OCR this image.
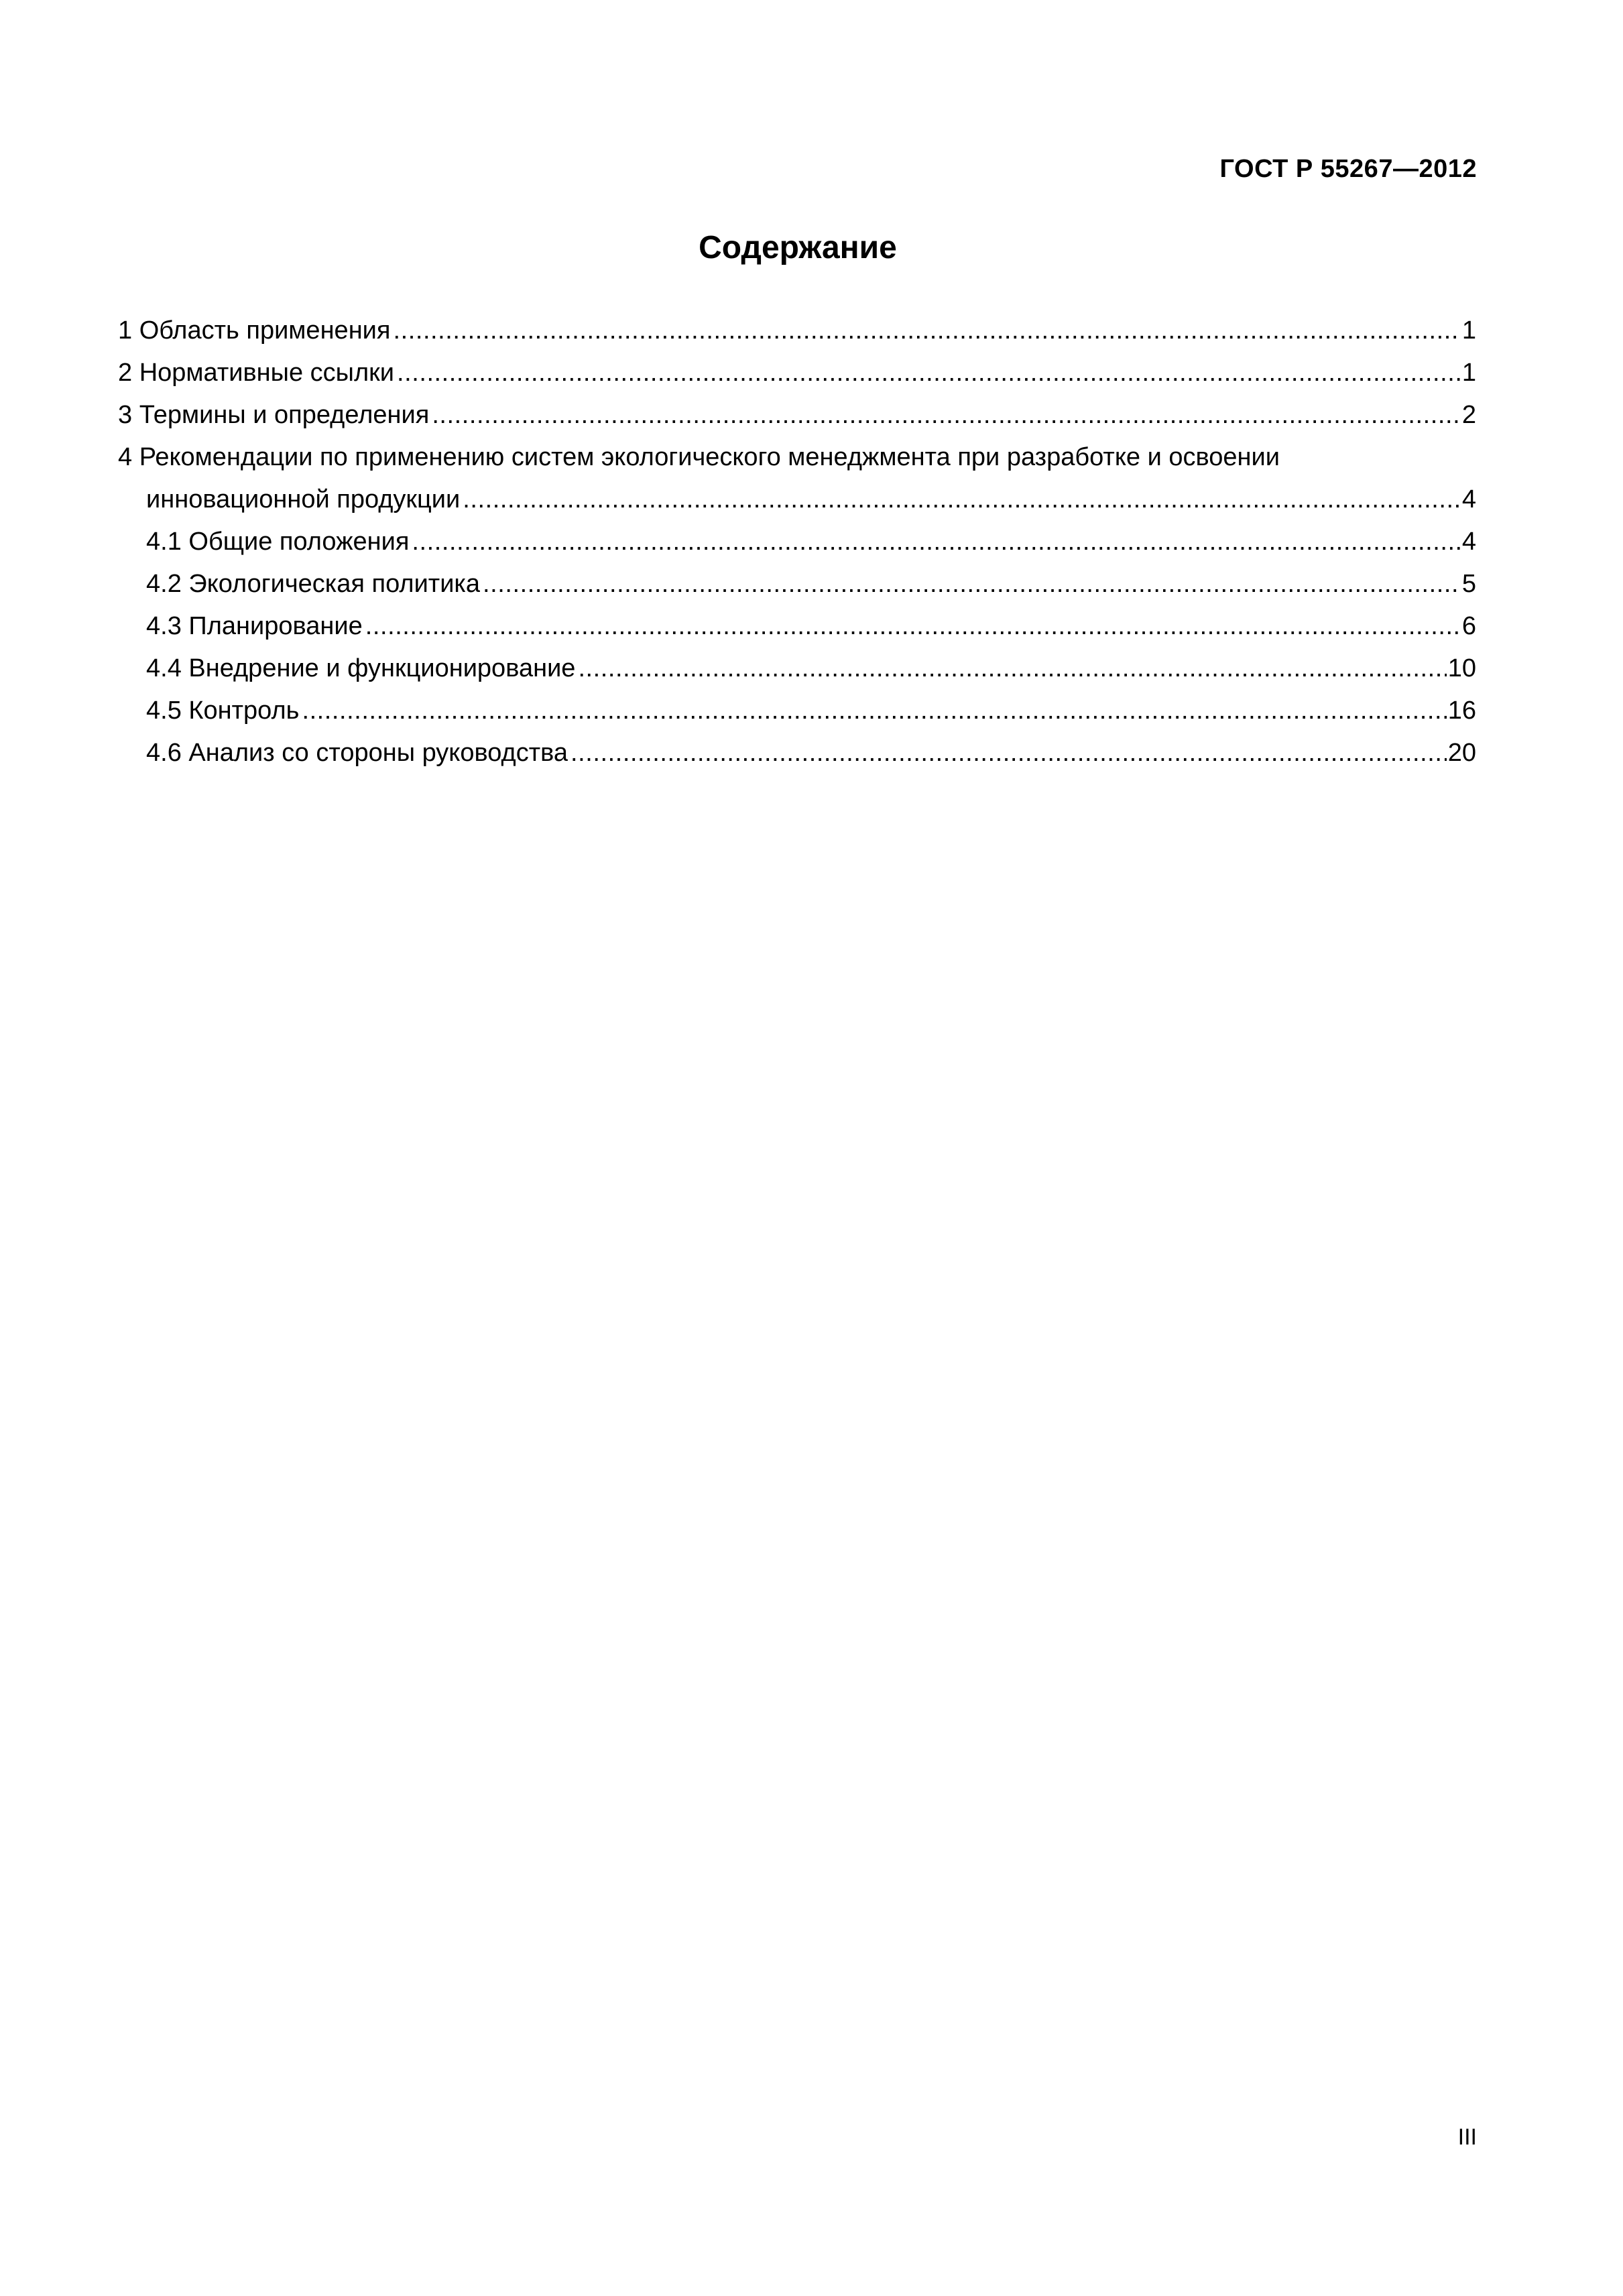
ГОСТ Р 55267—2012
Содержание
1 Область применения . . .	1
2 Нормативные ссылки . . .	1
3 Термины и определения . . .	2
4 Рекомендации по применению систем экологического менеджмента при разработке и освоении
инновационной продукции . . .	4
4.1 Общие положения . . .	4
4.2 Экологическая политика . . .	5
4.3 Планирование . . .	6
4.4 Внедрение и функционирование . . .	10
4.5 Контроль . . .	16
4.6 Анализ со стороны руководства . . .	20
III
